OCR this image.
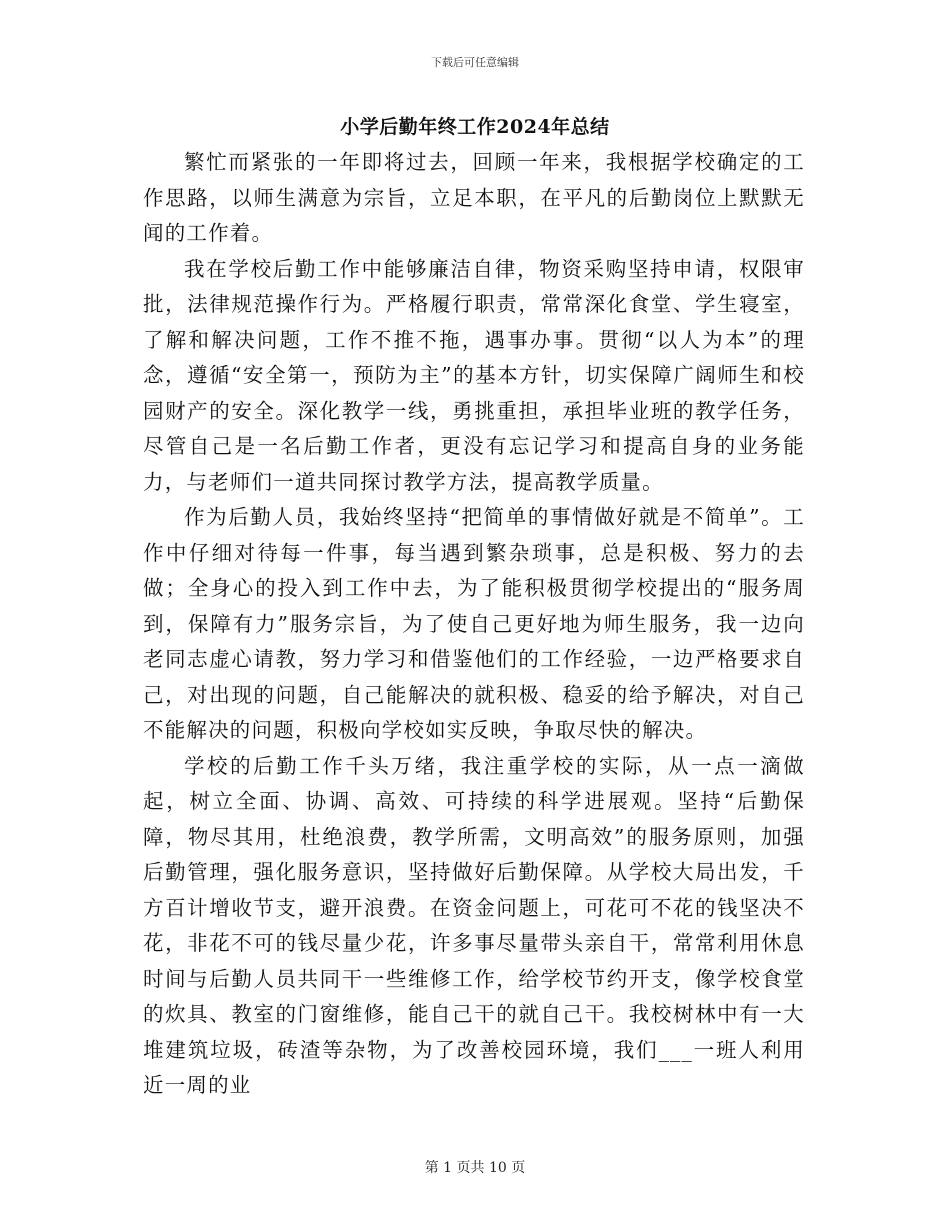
下载后可任意编辑
小学后勤年终工作2024年总结

繁忙而紧张的一年即将过去，回顾一年来，我根据学校确定的工作思路，以师生满意为宗旨，立足本职，在平凡的后勤岗位上默默无闻的工作着。

我在学校后勤工作中能够廉洁自律，物资采购坚持申请，权限审批，法律规范操作行为。严格履行职责，常常深化食堂、学生寝室，了解和解决问题，工作不推不拖，遇事办事。贯彻“以人为本”的理念，遵循“安全第一，预防为主”的基本方针，切实保障广阔师生和校园财产的安全。深化教学一线，勇挑重担，承担毕业班的教学任务，尽管自己是一名后勤工作者，更没有忘记学习和提高自身的业务能力，与老师们一道共同探讨教学方法，提高教学质量。

作为后勤人员，我始终坚持“把简单的事情做好就是不简单”。工作中仔细对待每一件事，每当遇到繁杂琐事，总是积极、努力的去做；全身心的投入到工作中去，为了能积极贯彻学校提出的“服务周到，保障有力”服务宗旨，为了使自己更好地为师生服务，我一边向老同志虚心请教，努力学习和借鉴他们的工作经验，一边严格要求自己，对出现的问题，自己能解决的就积极、稳妥的给予解决，对自己不能解决的问题，积极向学校如实反映，争取尽快的解决。

学校的后勤工作千头万绪，我注重学校的实际，从一点一滴做起，树立全面、协调、高效、可持续的科学进展观。坚持“后勤保障，物尽其用，杜绝浪费，教学所需，文明高效”的服务原则，加强后勤管理，强化服务意识，坚持做好后勤保障。从学校大局出发，千方百计增收节支，避开浪费。在资金问题上，可花可不花的钱坚决不花，非花不可的钱尽量少花，许多事尽量带头亲自干，常常利用休息时间与后勤人员共同干一些维修工作，给学校节约开支，像学校食堂的炊具、教室的门窗维修，能自己干的就自己干。我校树林中有一大堆建筑垃圾，砖渣等杂物，为了改善校园环境，我们___一班人利用近一周的业

第 1 页共 10 页
